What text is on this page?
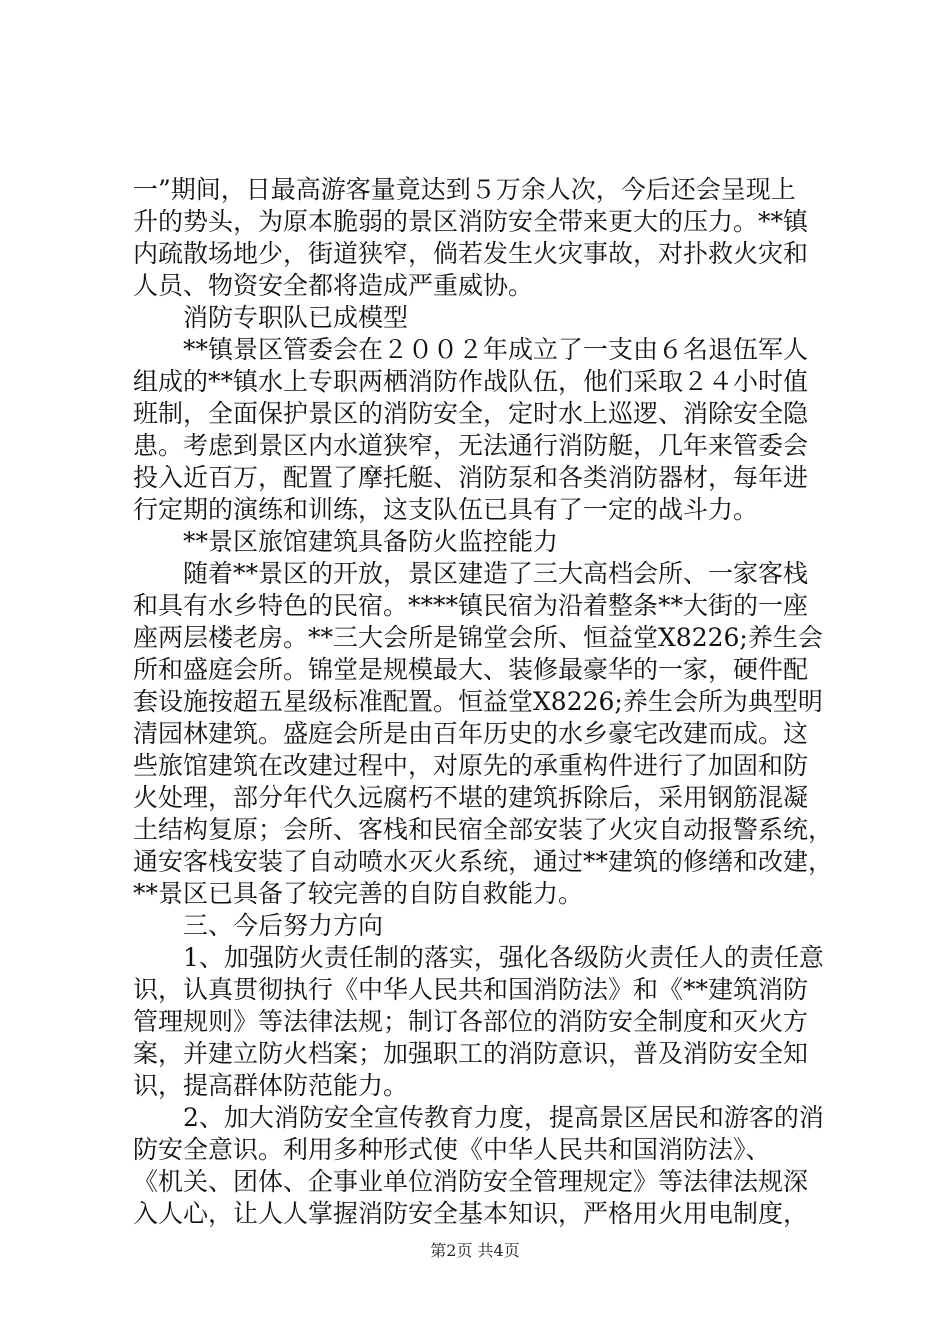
一”期间，日最高游客量竟达到５万余人次，今后还会呈现上
升的势头，为原本脆弱的景区消防安全带来更大的压力。**镇
内疏散场地少，街道狭窄，倘若发生火灾事故，对扑救火灾和
人员、物资安全都将造成严重威协。
　　消防专职队已成模型
　　**镇景区管委会在２００２年成立了一支由６名退伍军人
组成的**镇水上专职两栖消防作战队伍，他们采取２４小时值
班制，全面保护景区的消防安全，定时水上巡逻、消除安全隐
患。考虑到景区内水道狭窄，无法通行消防艇，几年来管委会
投入近百万，配置了摩托艇、消防泵和各类消防器材，每年进
行定期的演练和训练，这支队伍已具有了一定的战斗力。
　　**景区旅馆建筑具备防火监控能力
　　随着**景区的开放，景区建造了三大高档会所、一家客栈
和具有水乡特色的民宿。****镇民宿为沿着整条**大街的一座
座两层楼老房。**三大会所是锦堂会所、恒益堂X8226;养生会
所和盛庭会所。锦堂是规模最大、装修最豪华的一家，硬件配
套设施按超五星级标准配置。恒益堂X8226;养生会所为典型明
清园林建筑。盛庭会所是由百年历史的水乡豪宅改建而成。这
些旅馆建筑在改建过程中，对原先的承重构件进行了加固和防
火处理，部分年代久远腐朽不堪的建筑拆除后，采用钢筋混凝
土结构复原；会所、客栈和民宿全部安装了火灾自动报警系统，
通安客栈安装了自动喷水灭火系统，通过**建筑的修缮和改建，
**景区已具备了较完善的自防自救能力。
　　三、今后努力方向
　　1、加强防火责任制的落实，强化各级防火责任人的责任意
识，认真贯彻执行《中华人民共和国消防法》和《**建筑消防
管理规则》等法律法规；制订各部位的消防安全制度和灭火方
案，并建立防火档案；加强职工的消防意识，普及消防安全知
识，提高群体防范能力。
　　2、加大消防安全宣传教育力度，提高景区居民和游客的消
防安全意识。利用多种形式使《中华人民共和国消防法》、
《机关、团体、企事业单位消防安全管理规定》等法律法规深
入人心，让人人掌握消防安全基本知识，严格用火用电制度，
第2页 共4页
